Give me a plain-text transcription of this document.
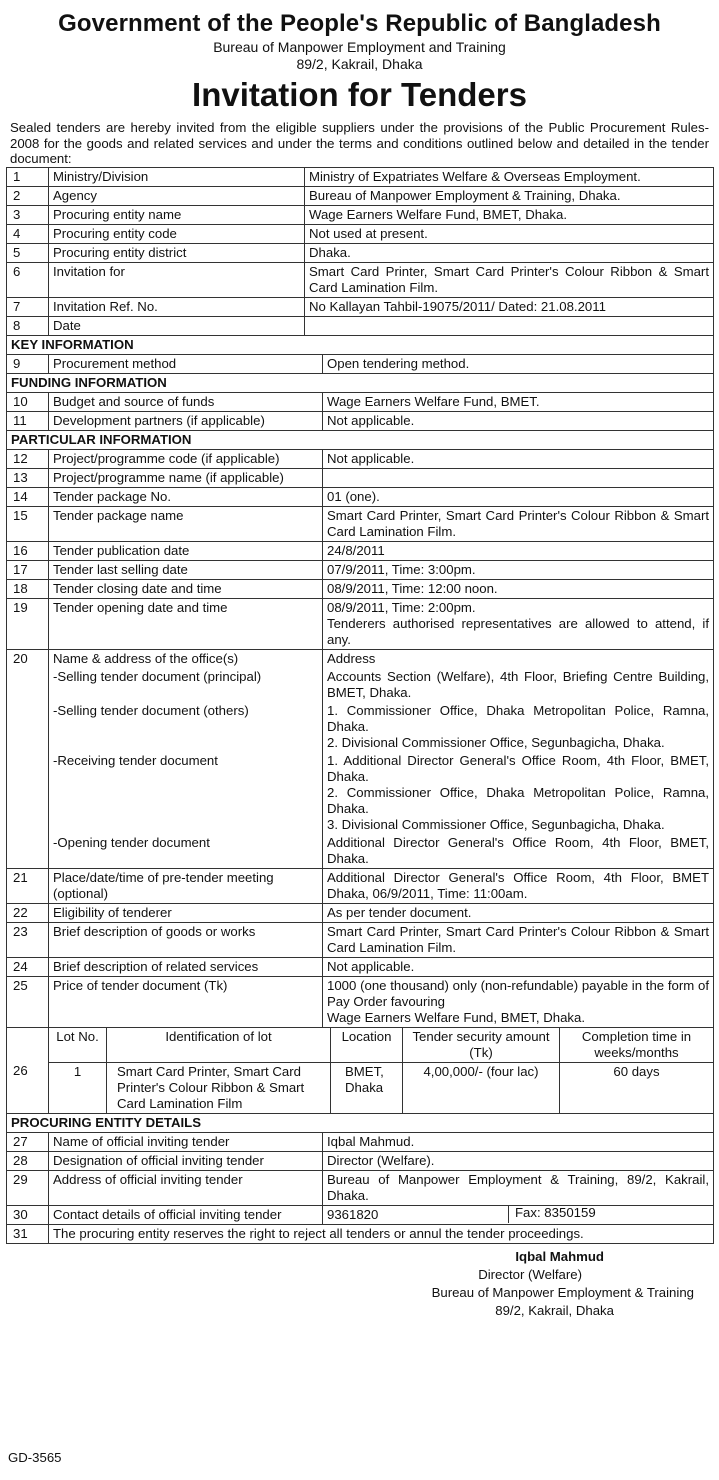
Government of the People's Republic of Bangladesh
Bureau of Manpower Employment and Training
89/2, Kakrail, Dhaka
Invitation for Tenders
Sealed tenders are hereby invited from the eligible suppliers under the provisions of the Public Procurement Rules-2008 for the goods and related services and under the terms and conditions outlined below and detailed in the tender document:
1	Ministry/Division	Ministry of Expatriates Welfare & Overseas Employment.
2	Agency	Bureau of Manpower Employment & Training, Dhaka.
3	Procuring entity name	Wage Earners Welfare Fund, BMET, Dhaka.
4	Procuring entity code	Not used at present.
5	Procuring entity district	Dhaka.
6	Invitation for	Smart Card Printer, Smart Card Printer's Colour Ribbon & Smart Card Lamination Film.
7	Invitation Ref. No.	No Kallayan Tahbil-19075/2011/ Dated: 21.08.2011
8	Date	
KEY INFORMATION		
9	Procurement method	Open tendering method.
FUNDING INFORMATION		
10	Budget and source of funds	Wage Earners Welfare Fund, BMET.
11	Development partners (if applicable)	Not applicable.
PARTICULAR INFORMATION		
12	Project/programme code (if applicable)	Not applicable.
13	Project/programme name (if applicable)	
14	Tender package No.	01 (one).
15	Tender package name	Smart Card Printer, Smart Card Printer's Colour Ribbon & Smart Card Lamination Film.
16	Tender publication date	24/8/2011
17	Tender last selling date	07/9/2011, Time: 3:00pm.
18	Tender closing date and time	08/9/2011, Time: 12:00 noon.
19	Tender opening date and time	08/9/2011, Time: 2:00pm.
Tenderers authorised representatives are allowed to attend, if any.

20	Name & address of the office(s)	Address
	-Selling tender document (principal)	Accounts Section (Welfare), 4th Floor, Briefing Centre Building, BMET, Dhaka.

	-Selling tender document (others)	1. Commissioner Office, Dhaka Metropolitan Police, Ramna, Dhaka.
2. Divisional Commissioner Office, Segunbagicha, Dhaka.

	-Receiving tender document	1. Additional Director General's Office Room, 4th Floor, BMET, Dhaka.
2. Commissioner Office, Dhaka Metropolitan Police, Ramna, Dhaka.
3. Divisional Commissioner Office, Segunbagicha, Dhaka.

	-Opening tender document	Additional Director General's Office Room, 4th Floor, BMET, Dhaka.

21	Place/date/time of pre-tender meeting (optional)	Additional Director General's Office Room, 4th Floor, BMET Dhaka, 06/9/2011, Time: 11:00am.
22	Eligibility of tenderer	As per tender document.
23	Brief description of goods or works	Smart Card Printer, Smart Card Printer's Colour Ribbon & Smart Card Lamination Film.
24	Brief description of related services	Not applicable.
25	Price of tender document (Tk)	1000 (one thousand) only (non-refundable) payable in the form of Pay Order favouring
Wage Earners Welfare Fund, BMET, Dhaka.
	Lot No.	Identification of lot	Location	Tender security amount (Tk)	Completion time in weeks/months
26	1	Smart Card Printer, Smart Card Printer's Colour Ribbon & Smart Card Lamination Film	BMET, Dhaka	4,00,000/- (four lac)	60 days
PROCURING ENTITY DETAILS		
27	Name of official inviting tender	Iqbal Mahmud.
28	Designation of official inviting tender	Director (Welfare).
29	Address of official inviting tender	Bureau of Manpower Employment & Training, 89/2, Kakrail, Dhaka.
30	Contact details of official inviting tender	9361820 Fax: 8350159

31	The procuring entity reserves the right to reject all tenders or annul the tender proceedings.	
Iqbal Mahmud
Director (Welfare)
Bureau of Manpower Employment & Training
89/2, Kakrail, Dhaka
GD-3565
